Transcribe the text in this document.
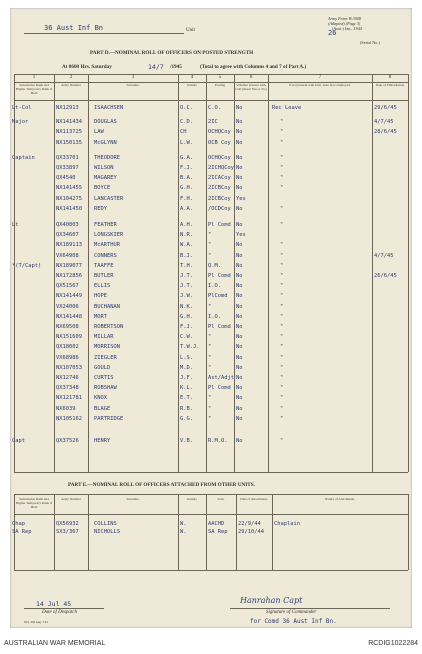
36 Aust Inf Bn	Unit
Army Form W.3008
(Adapted) (Page 3)
(Aust.) Jan., 1944
26
(Serial No.)
PART D.—NOMINAL ROLL OF OFFICERS ON POSTED STRENGTH
At 0600 Hrs. Saturday	14/7 /1945	(Total to agree with Columns 4 and 7 of Part A.)
1
Substantive Rank and Higher Temporary Rank if Held
2
Army Number
3
Surname.
4
Initials
5
Posting
6
Whether present with Unit (Insert Yes or No)
7
If not present with Unit, state how employed.
8
Date of Embarkation
Lt-Col	NX12913	ISAACHSEN	O.C.	C.O.	No	Rec Leave	29/6/45
Major	NX141434 DOUGLAS	C.D.	2IC	No	"	4/7/45
NX113725 LAW	CH	OCHQCoy No	"	28/6/45
NX150135 McGLYNN	L.W.	OCB Coy No	"
Captain	QX33701	THEODORE	G.A.	OCHQCoy No	"
QX33897	WILSON	F.J.	2ICHQCoy No	"
QX4540	MAGAREY	B.A.	2ICACoy No	"
NX141455 BOYCE	G.H.	2ICBCoy No	"
NX104275 LANCASTER	F.H.	2ICBCoy Yes
NX141450 REDY	A.A.	/OCDCoy No	"
Lt	QX40803	FEATHER	A.H.	Pl Comd No	"
QX34607	LONGSKIER	N.R.	"	Yes
NX189113 McARTHUR	W.A.	"	No	"
VX64908	CONNERS	B.J.	"	No	"	4/7/45
*(T/Capt)	NX189077 TAAFFE	T.H.	Q.M.	No	"
NX172856 BUTLER	J.T.	Pl Comd No	"	26/6/45
QX51567	ELLIS	J.T.	I.O.	No	"
NX141449 HOPE	J.W.	PlComd No	"
VX24006	BUCHANAN	N.K.	"	No	"
NX141448 MORT	G.H.	I.O.	No	"
NX69508	ROBERTSON	F.J.	Pl Comd No	"
NX151609 MILLAR	C.W.	"	No	"
QX18002	MORRISON	T.W.J. "	No	"
VX68986	ZIEGLER	L.S.	"	No	"
NX107053 GOULD	M.D.	"	No	"
NX12746	CURTIS	J.F.	Ast/Adjt No	"
QX37348	ROBSHAW	K.L.	Pl Comd No	"
NX121781 KNOX	E.T.	"	No	"
NX6039	BLAGE	R.B.	"	No	"
NX105162 PARTRIDGE	G.G.	"	No	"
Capt	QX37526	HENRY	V.B.	R.M.O. No	"
PART E.—NOMINAL ROLL OF OFFICERS ATTACHED FROM OTHER UNITS.
Substantive Rank and Higher Temporary Rank if Held
Army Number	Surname.	Initials	Unit.	Date of Attachment.	Nature of Attachment.
Chap	QX56932	COLLINS	W.	AACHD	22/9/44 Chaplain
SA Rep	SX3/367	NICHOLLS	W.	SA Rep 29/10/44
14 Jul 45
Date of Despatch
Hanrahan Capt
Signature of Commander
for Comd 36 Aust Inf Bn.
M.S. 264 Aug. 7.44
AUSTRALIAN WAR MEMORIAL	RCDIG1022284
